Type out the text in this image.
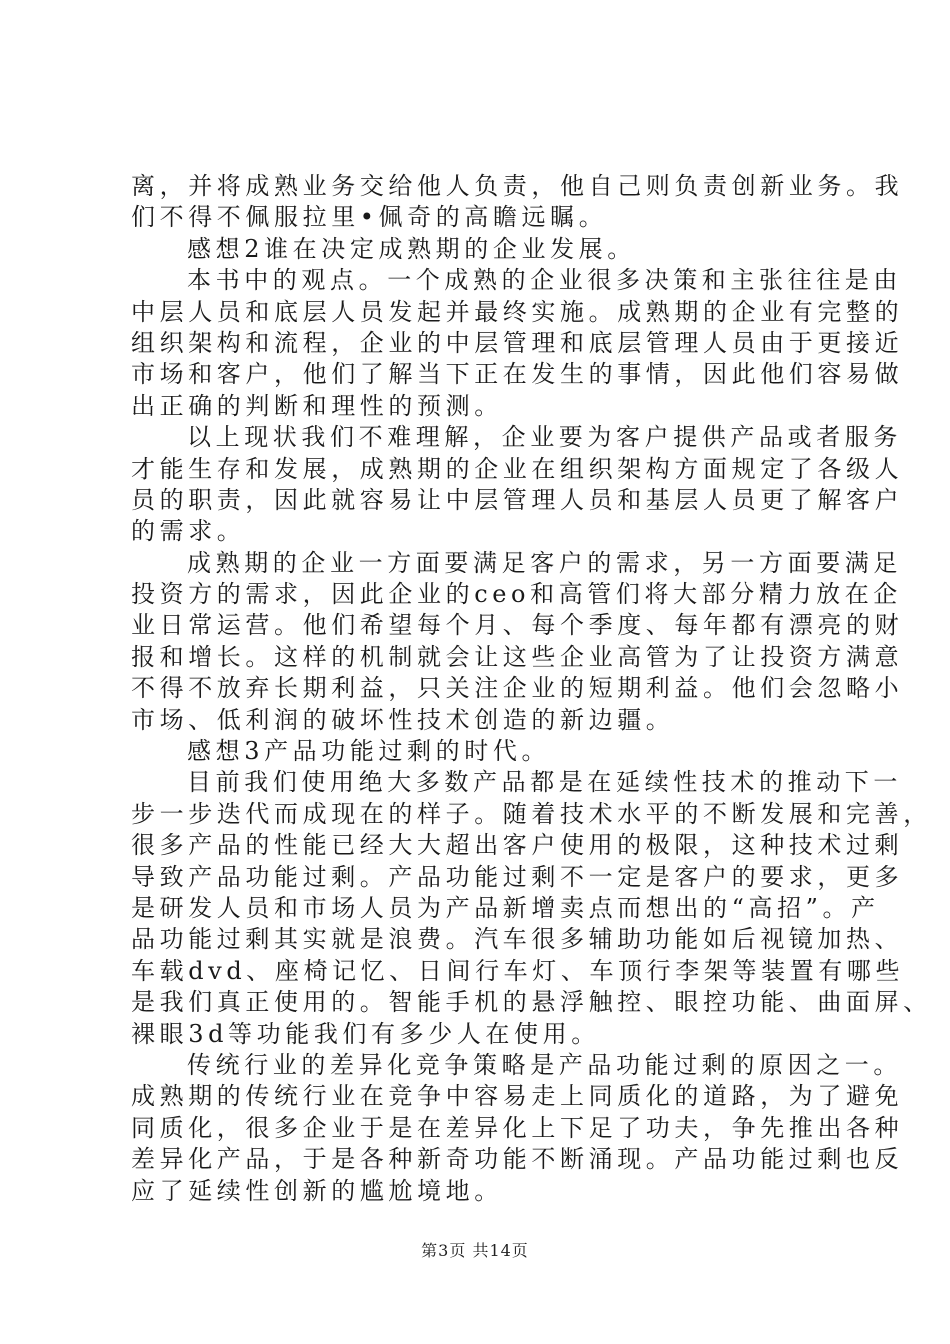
离，并将成熟业务交给他人负责，他自己则负责创新业务。我
们不得不佩服拉里•佩奇的高瞻远瞩。
感想2谁在决定成熟期的企业发展。
本书中的观点。一个成熟的企业很多决策和主张往往是由
中层人员和底层人员发起并最终实施。成熟期的企业有完整的
组织架构和流程，企业的中层管理和底层管理人员由于更接近
市场和客户，他们了解当下正在发生的事情，因此他们容易做
出正确的判断和理性的预测。
以上现状我们不难理解，企业要为客户提供产品或者服务
才能生存和发展，成熟期的企业在组织架构方面规定了各级人
员的职责，因此就容易让中层管理人员和基层人员更了解客户
的需求。
成熟期的企业一方面要满足客户的需求，另一方面要满足
投资方的需求，因此企业的ceo和高管们将大部分精力放在企
业日常运营。他们希望每个月、每个季度、每年都有漂亮的财
报和增长。这样的机制就会让这些企业高管为了让投资方满意
不得不放弃长期利益，只关注企业的短期利益。他们会忽略小
市场、低利润的破坏性技术创造的新边疆。
感想3产品功能过剩的时代。
目前我们使用绝大多数产品都是在延续性技术的推动下一
步一步迭代而成现在的样子。随着技术水平的不断发展和完善，
很多产品的性能已经大大超出客户使用的极限，这种技术过剩
导致产品功能过剩。产品功能过剩不一定是客户的要求，更多
是研发人员和市场人员为产品新增卖点而想出的“高招”。产
品功能过剩其实就是浪费。汽车很多辅助功能如后视镜加热、
车载dvd、座椅记忆、日间行车灯、车顶行李架等装置有哪些
是我们真正使用的。智能手机的悬浮触控、眼控功能、曲面屏、
裸眼3d等功能我们有多少人在使用。
传统行业的差异化竞争策略是产品功能过剩的原因之一。
成熟期的传统行业在竞争中容易走上同质化的道路，为了避免
同质化，很多企业于是在差异化上下足了功夫，争先推出各种
差异化产品，于是各种新奇功能不断涌现。产品功能过剩也反
应了延续性创新的尴尬境地。
第3页 共14页
